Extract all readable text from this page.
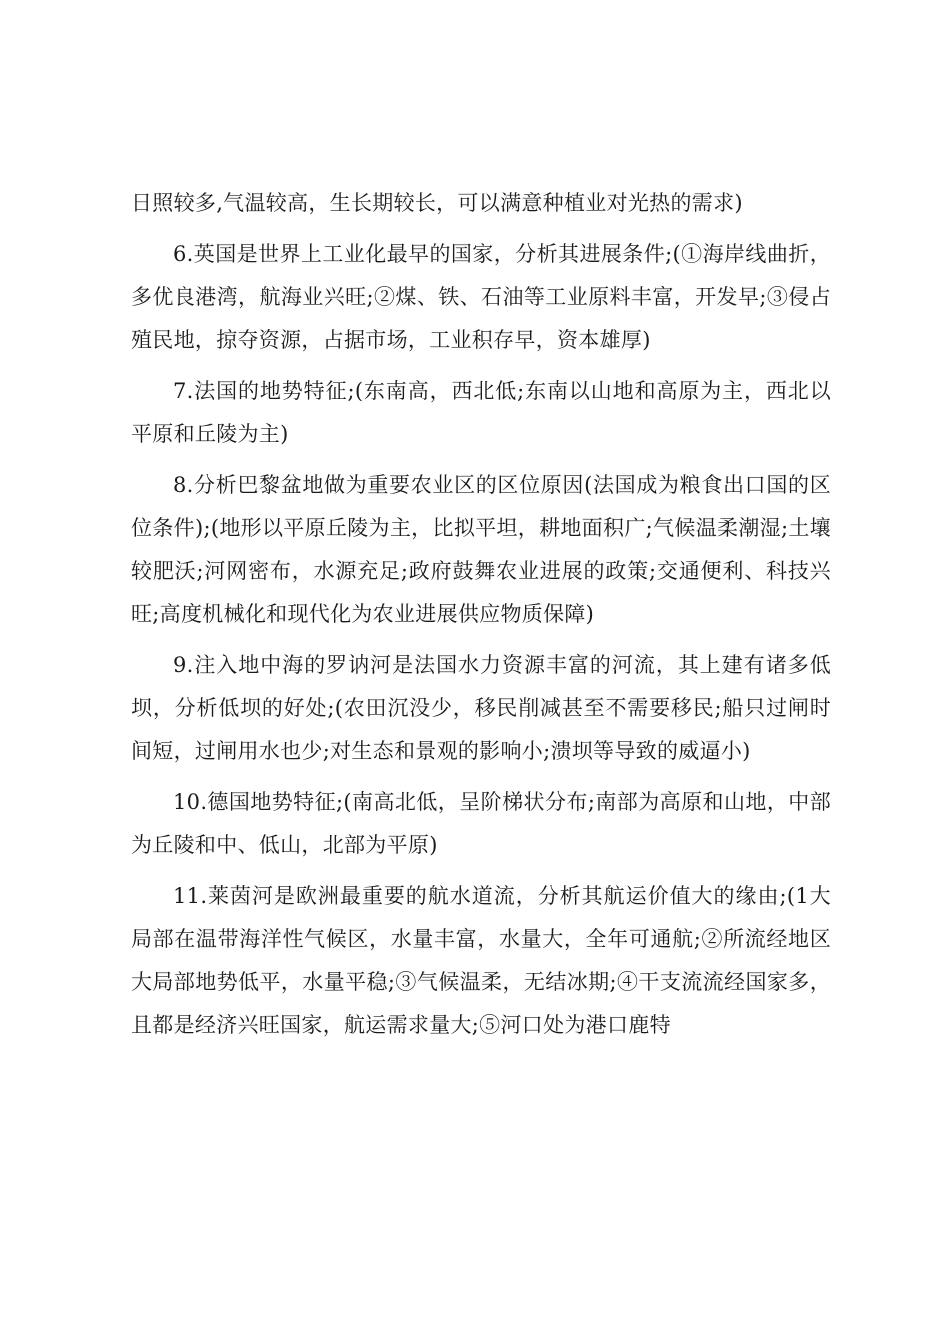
日照较多,气温较高，生长期较长，可以满意种植业对光热的需求)

6.英国是世界上工业化最早的国家，分析其进展条件;(①海岸线曲折，多优良港湾，航海业兴旺;②煤、铁、石油等工业原料丰富，开发早;③侵占殖民地，掠夺资源，占据市场，工业积存早，资本雄厚)

7.法国的地势特征;(东南高，西北低;东南以山地和高原为主，西北以平原和丘陵为主)

8.分析巴黎盆地做为重要农业区的区位原因(法国成为粮食出口国的区位条件);(地形以平原丘陵为主，比拟平坦，耕地面积广;气候温柔潮湿;土壤较肥沃;河网密布，水源充足;政府鼓舞农业进展的政策;交通便利、科技兴旺;高度机械化和现代化为农业进展供应物质保障)

9.注入地中海的罗讷河是法国水力资源丰富的河流，其上建有诸多低坝，分析低坝的好处;(农田沉没少，移民削减甚至不需要移民;船只过闸时间短，过闸用水也少;对生态和景观的影响小;溃坝等导致的威逼小)

10.德国地势特征;(南高北低，呈阶梯状分布;南部为高原和山地，中部为丘陵和中、低山，北部为平原)

11.莱茵河是欧洲最重要的航水道流，分析其航运价值大的缘由;(1大局部在温带海洋性气候区，水量丰富，水量大，全年可通航;②所流经地区大局部地势低平，水量平稳;③气候温柔，无结冰期;④干支流流经国家多，且都是经济兴旺国家，航运需求量大;⑤河口处为港口鹿特
